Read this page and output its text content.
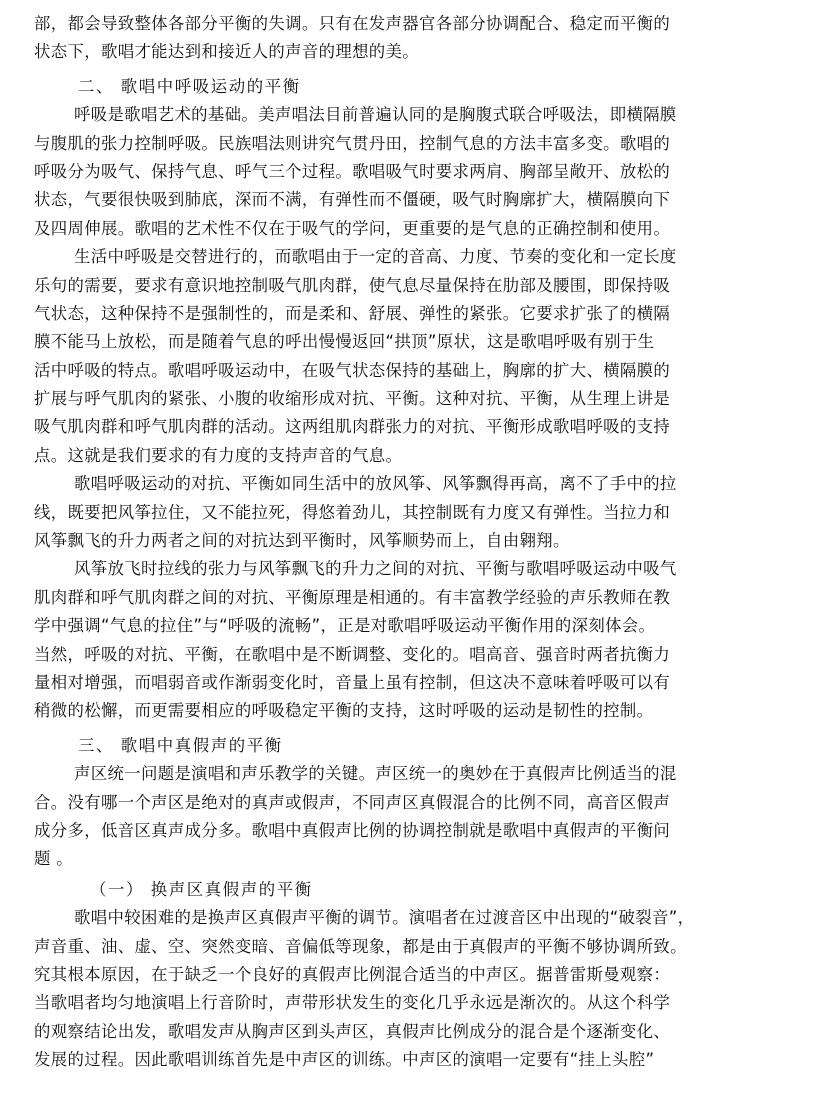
部，都会导致整体各部分平衡的失调。只有在发声器官各部分协调配合、稳定而平衡的
状态下，歌唱才能达到和接近人的声音的理想的美。
二、 歌唱中呼吸运动的平衡
呼吸是歌唱艺术的基础。美声唱法目前普遍认同的是胸腹式联合呼吸法，即横隔膜
与腹肌的张力控制呼吸。民族唱法则讲究气贯丹田，控制气息的方法丰富多变。歌唱的
呼吸分为吸气、保持气息、呼气三个过程。歌唱吸气时要求两肩、胸部呈敞开、放松的
状态，气要很快吸到肺底，深而不满，有弹性而不僵硬，吸气时胸廓扩大，横隔膜向下
及四周伸展。歌唱的艺术性不仅在于吸气的学问，更重要的是气息的正确控制和使用。
生活中呼吸是交替进行的，而歌唱由于一定的音高、力度、节奏的变化和一定长度
乐句的需要，要求有意识地控制吸气肌肉群，使气息尽量保持在肋部及腰围，即保持吸
气状态，这种保持不是强制性的，而是柔和、舒展、弹性的紧张。它要求扩张了的横隔
膜不能马上放松，而是随着气息的呼出慢慢返回“拱顶”原状，这是歌唱呼吸有别于生
活中呼吸的特点。歌唱呼吸运动中，在吸气状态保持的基础上，胸廓的扩大、横隔膜的
扩展与呼气肌肉的紧张、小腹的收缩形成对抗、平衡。这种对抗、平衡，从生理上讲是
吸气肌肉群和呼气肌肉群的活动。这两组肌肉群张力的对抗、平衡形成歌唱呼吸的支持
点。这就是我们要求的有力度的支持声音的气息。
歌唱呼吸运动的对抗、平衡如同生活中的放风筝、风筝飘得再高，离不了手中的拉
线，既要把风筝拉住，又不能拉死，得悠着劲儿，其控制既有力度又有弹性。当拉力和
风筝飘飞的升力两者之间的对抗达到平衡时，风筝顺势而上，自由翱翔。
风筝放飞时拉线的张力与风筝飘飞的升力之间的对抗、平衡与歌唱呼吸运动中吸气
肌肉群和呼气肌肉群之间的对抗、平衡原理是相通的。有丰富教学经验的声乐教师在教
学中强调“气息的拉住”与“呼吸的流畅”，正是对歌唱呼吸运动平衡作用的深刻体会。
当然，呼吸的对抗、平衡，在歌唱中是不断调整、变化的。唱高音、强音时两者抗衡力
量相对增强，而唱弱音或作渐弱变化时，音量上虽有控制，但这决不意味着呼吸可以有
稍微的松懈，而更需要相应的呼吸稳定平衡的支持，这时呼吸的运动是韧性的控制。
三、 歌唱中真假声的平衡
声区统一问题是演唱和声乐教学的关键。声区统一的奥妙在于真假声比例适当的混
合。没有哪一个声区是绝对的真声或假声，不同声区真假混合的比例不同，高音区假声
成分多，低音区真声成分多。歌唱中真假声比例的协调控制就是歌唱中真假声的平衡问
题 。
（一） 换声区真假声的平衡
歌唱中较困难的是换声区真假声平衡的调节。演唱者在过渡音区中出现的“破裂音”，
声音重、油、虚、空、突然变暗、音偏低等现象，都是由于真假声的平衡不够协调所致。
究其根本原因，在于缺乏一个良好的真假声比例混合适当的中声区。据普雷斯曼观察：
当歌唱者均匀地演唱上行音阶时，声带形状发生的变化几乎永远是渐次的。从这个科学
的观察结论出发，歌唱发声从胸声区到头声区，真假声比例成分的混合是个逐渐变化、
发展的过程。因此歌唱训练首先是中声区的训练。中声区的演唱一定要有“挂上头腔”
